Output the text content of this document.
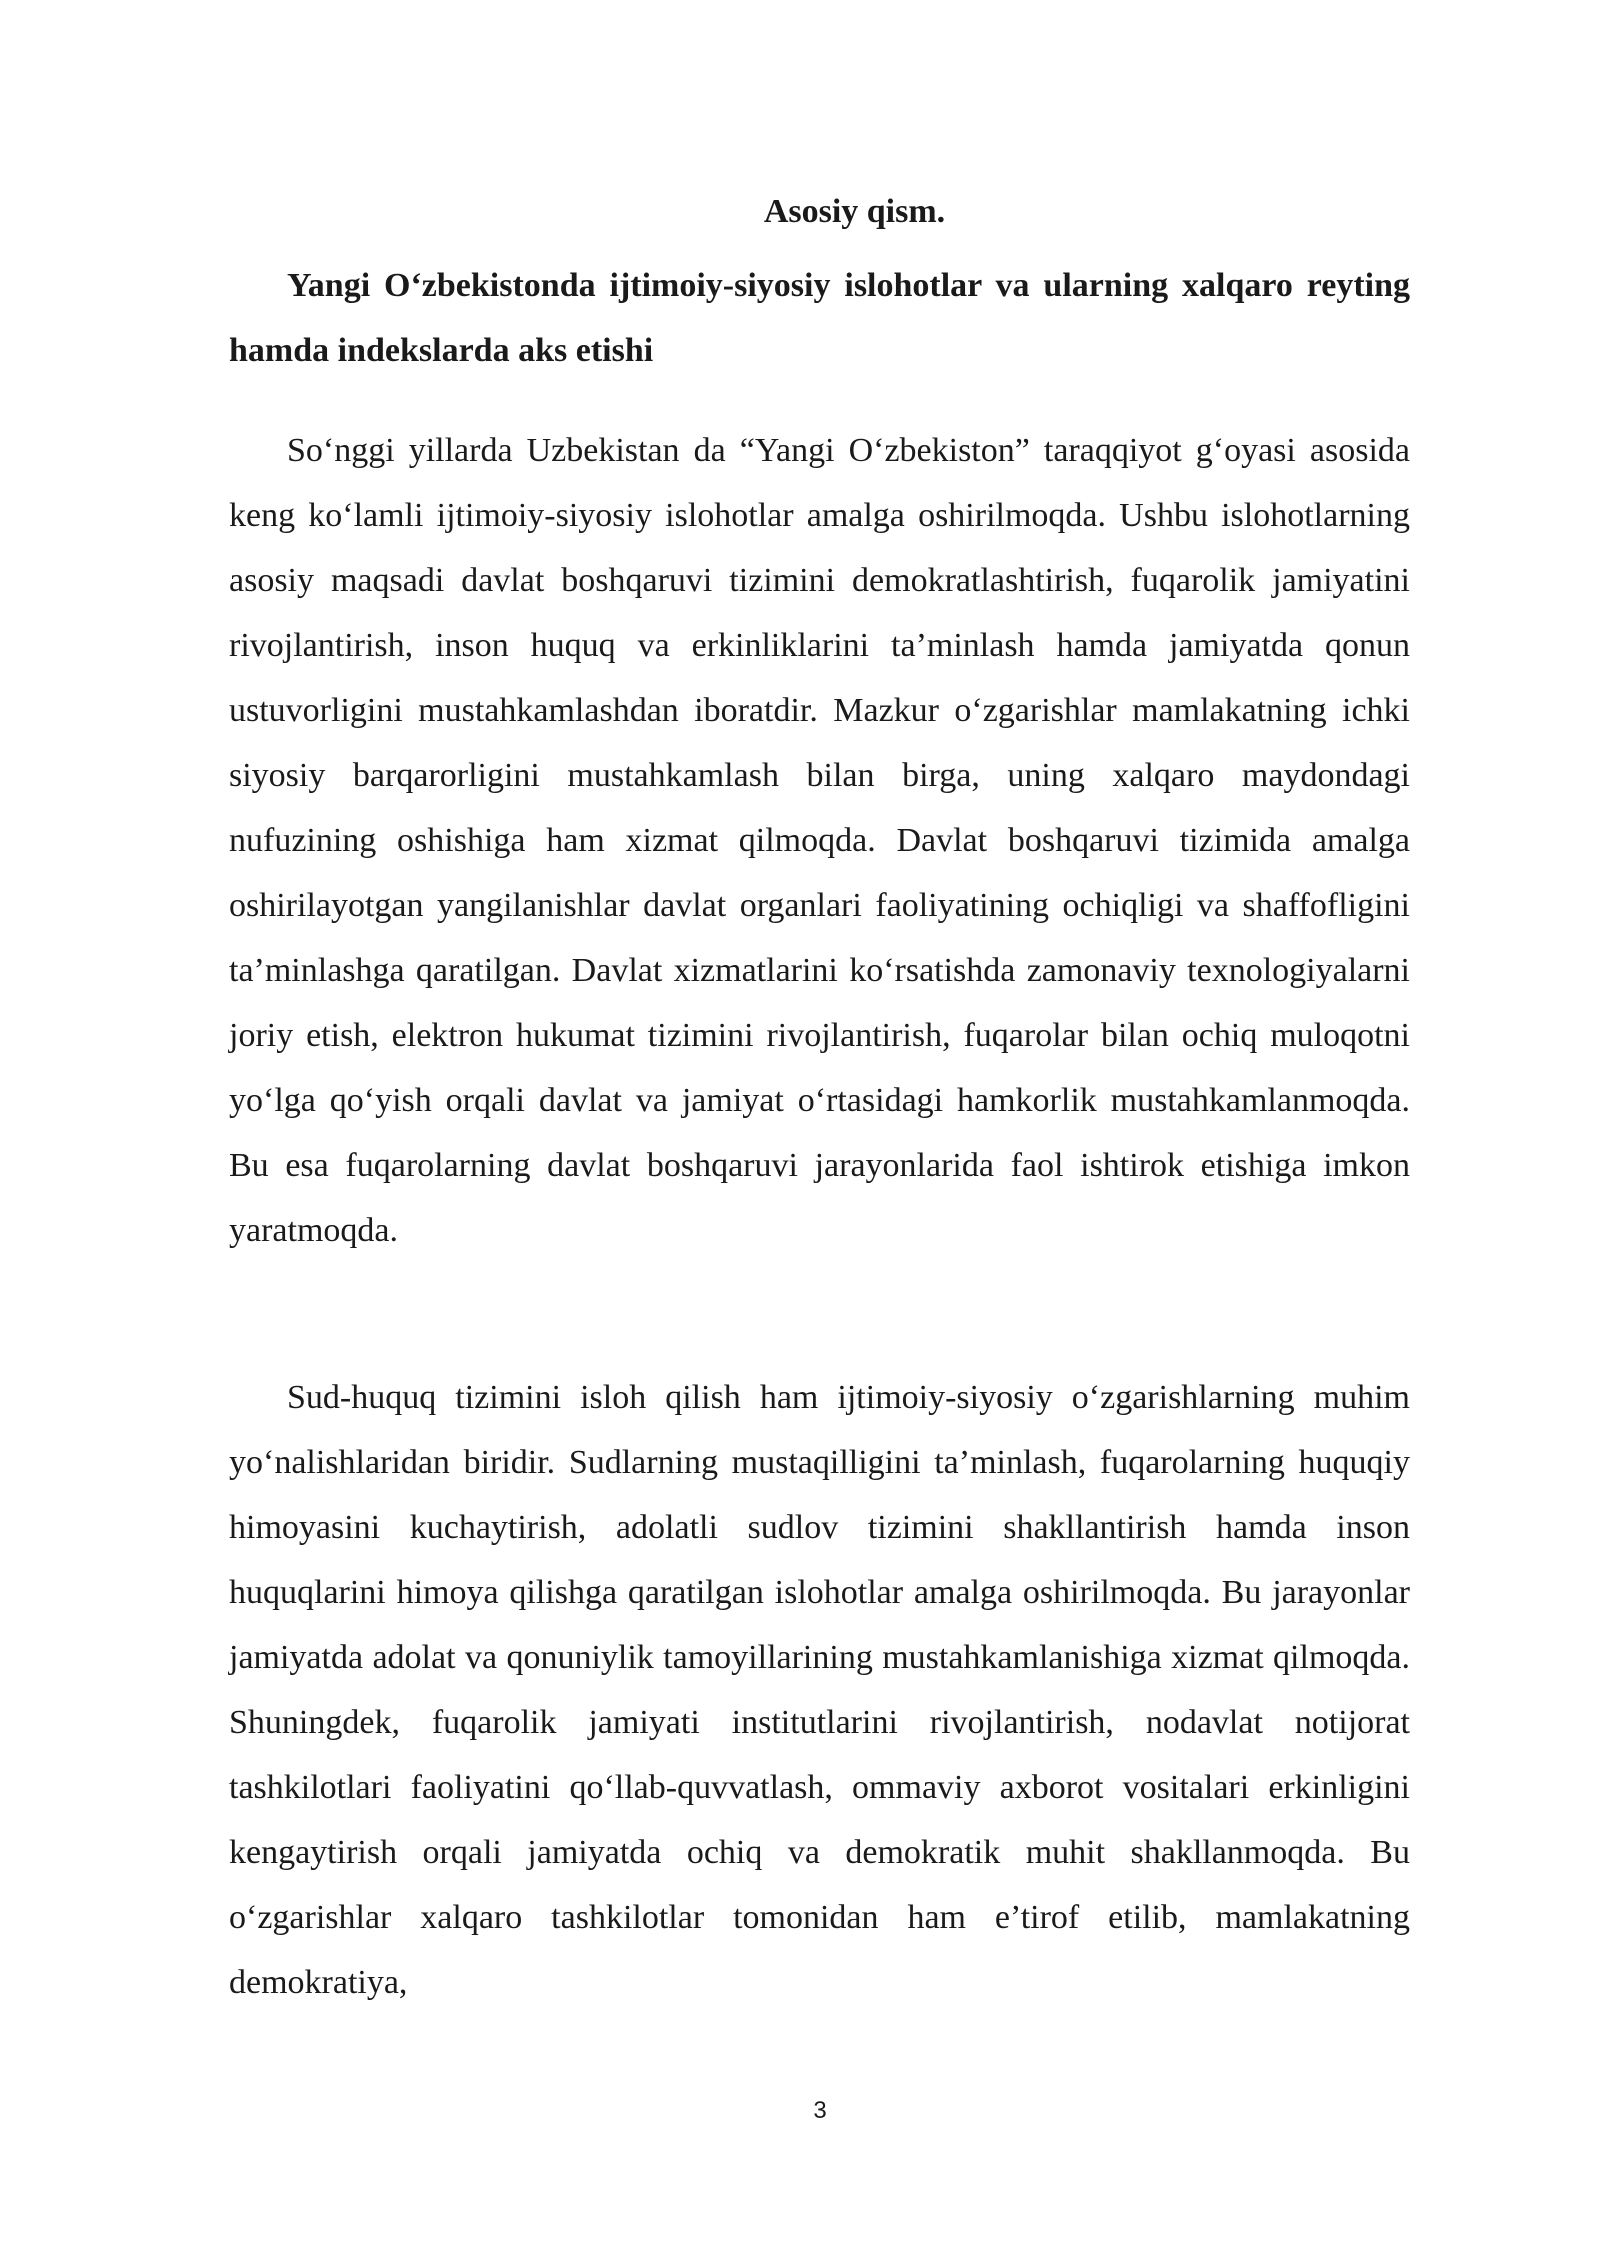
Asosiy qism.

Yangi O‘zbekistonda ijtimoiy-siyosiy islohotlar va ularning xalqaro reyting hamda indekslarda aks etishi

So‘nggi yillarda Uzbekistan da “Yangi O‘zbekiston” taraqqiyot g‘oyasi asosida keng ko‘lamli ijtimoiy-siyosiy islohotlar amalga oshirilmoqda. Ushbu islohotlarning asosiy maqsadi davlat boshqaruvi tizimini demokratlashtirish, fuqarolik jamiyatini rivojlantirish, inson huquq va erkinliklarini ta’minlash hamda jamiyatda qonun ustuvorligini mustahkamlashdan iboratdir. Mazkur o‘zgarishlar mamlakatning ichki siyosiy barqarorligini mustahkamlash bilan birga, uning xalqaro maydondagi nufuzining oshishiga ham xizmat qilmoqda. Davlat boshqaruvi tizimida amalga oshirilayotgan yangilanishlar davlat organlari faoliyatining ochiqligi va shaffofligini ta’minlashga qaratilgan. Davlat xizmatlarini ko‘rsatishda zamonaviy texnologiyalarni joriy etish, elektron hukumat tizimini rivojlantirish, fuqarolar bilan ochiq muloqotni yo‘lga qo‘yish orqali davlat va jamiyat o‘rtasidagi hamkorlik mustahkamlanmoqda. Bu esa fuqarolarning davlat boshqaruvi jarayonlarida faol ishtirok etishiga imkon yaratmoqda.

Sud-huquq tizimini isloh qilish ham ijtimoiy-siyosiy o‘zgarishlarning muhim yo‘nalishlaridan biridir. Sudlarning mustaqilligini ta’minlash, fuqarolarning huquqiy himoyasini kuchaytirish, adolatli sudlov tizimini shakllantirish hamda inson huquqlarini himoya qilishga qaratilgan islohotlar amalga oshirilmoqda. Bu jarayonlar jamiyatda adolat va qonuniylik tamoyillarining mustahkamlanishiga xizmat qilmoqda. Shuningdek, fuqarolik jamiyati institutlarini rivojlantirish, nodavlat notijorat tashkilotlari faoliyatini qo‘llab-quvvatlash, ommaviy axborot vositalari erkinligini kengaytirish orqali jamiyatda ochiq va demokratik muhit shakllanmoqda. Bu o‘zgarishlar xalqaro tashkilotlar tomonidan ham e’tirof etilib, mamlakatning demokratiya,

3
